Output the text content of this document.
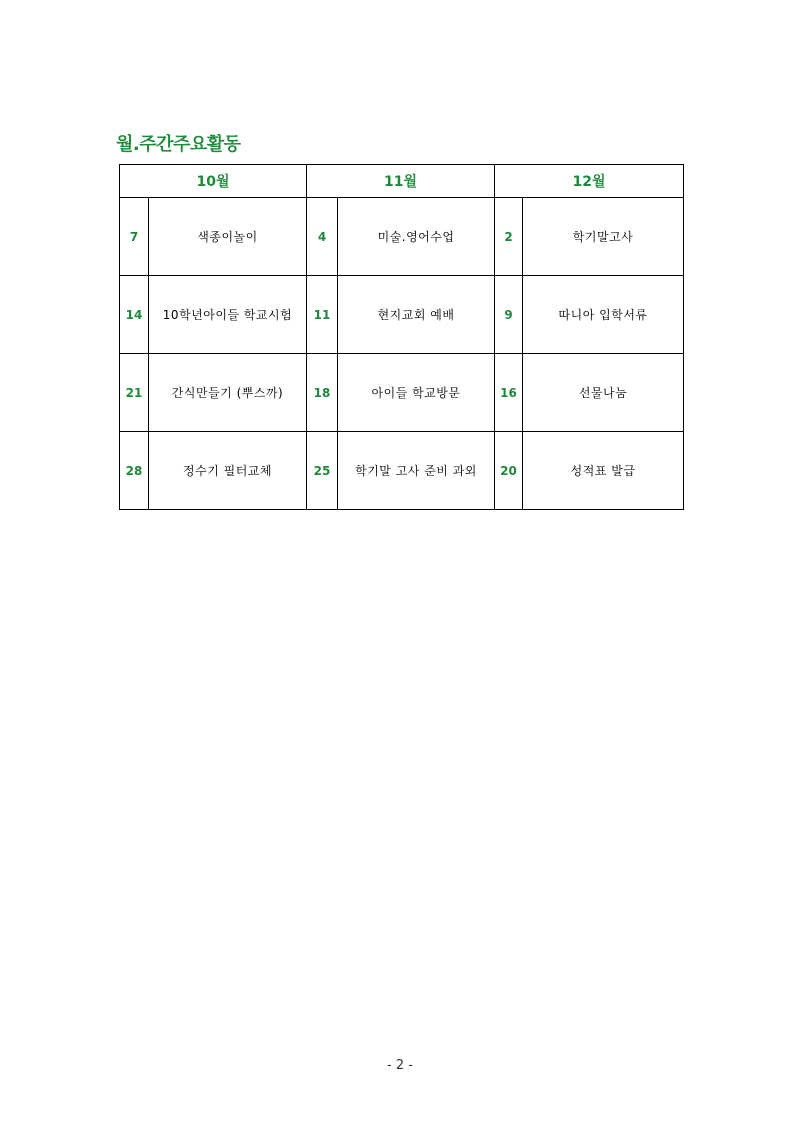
월.주간주요활동
10월		11월		12월	
7	색종이놀이	4	미술.영어수업	2	학기말고사
14	10학년아이들 학교시험	11	현지교회 예배	9	따니아 입학서류
21	간식만들기 (뿌스까)	18	아이들 학교방문	16	선물나눔
28	정수기 필터교체	25	학기말 고사 준비 과외	20	성적표 발급
- 2 -
